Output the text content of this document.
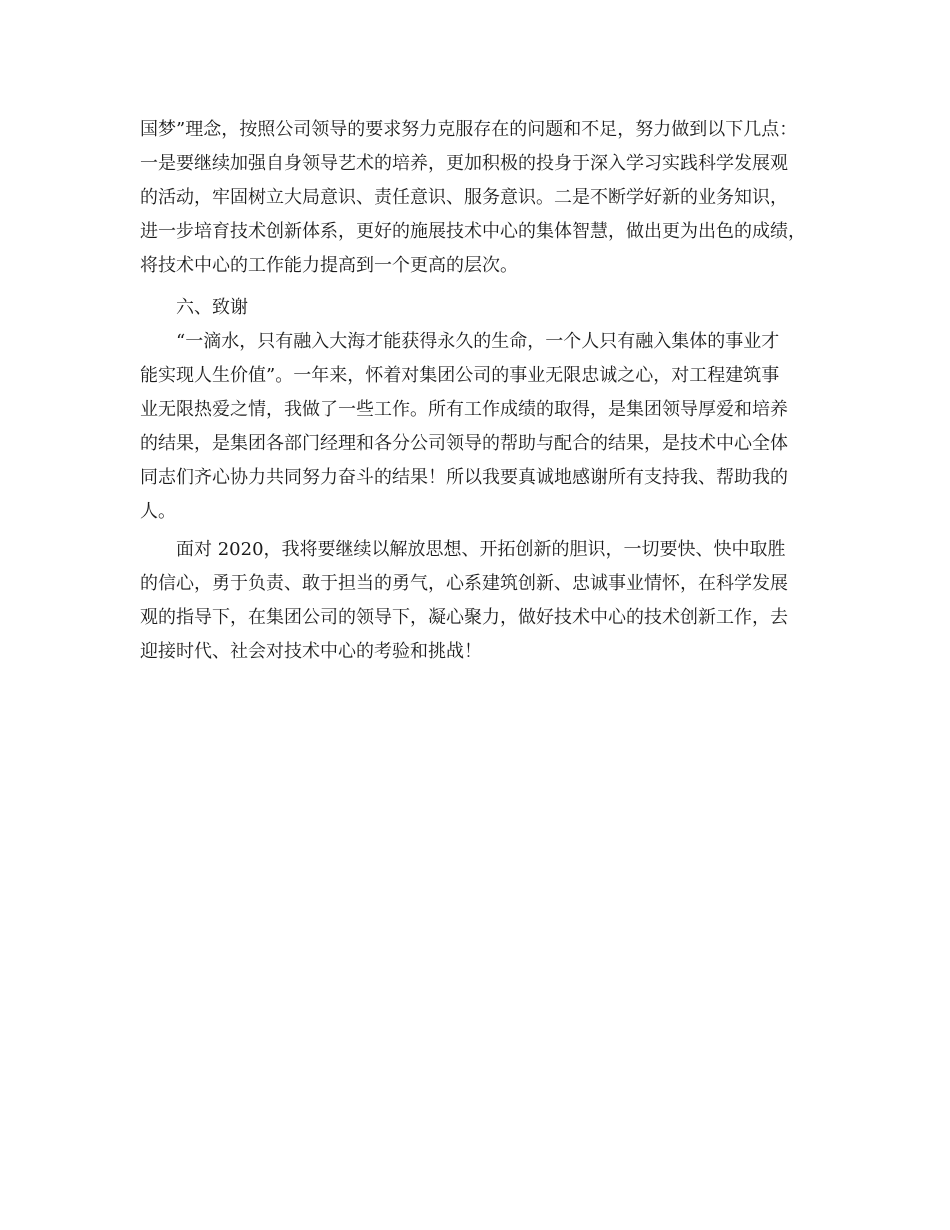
国梦”理念，按照公司领导的要求努力克服存在的问题和不足，努力做到以下几点：
一是要继续加强自身领导艺术的培养，更加积极的投身于深入学习实践科学发展观
的活动，牢固树立大局意识、责任意识、服务意识。二是不断学好新的业务知识，
进一步培育技术创新体系，更好的施展技术中心的集体智慧，做出更为出色的成绩，
将技术中心的工作能力提高到一个更高的层次。
六、致谢
“一滴水，只有融入大海才能获得永久的生命，一个人只有融入集体的事业才
能实现人生价值”。一年来，怀着对集团公司的事业无限忠诚之心，对工程建筑事
业无限热爱之情，我做了一些工作。所有工作成绩的取得，是集团领导厚爱和培养
的结果，是集团各部门经理和各分公司领导的帮助与配合的结果，是技术中心全体
同志们齐心协力共同努力奋斗的结果！所以我要真诚地感谢所有支持我、帮助我的
人。
面对 2020，我将要继续以解放思想、开拓创新的胆识，一切要快、快中取胜
的信心，勇于负责、敢于担当的勇气，心系建筑创新、忠诚事业情怀，在科学发展
观的指导下，在集团公司的领导下，凝心聚力，做好技术中心的技术创新工作，去
迎接时代、社会对技术中心的考验和挑战！
